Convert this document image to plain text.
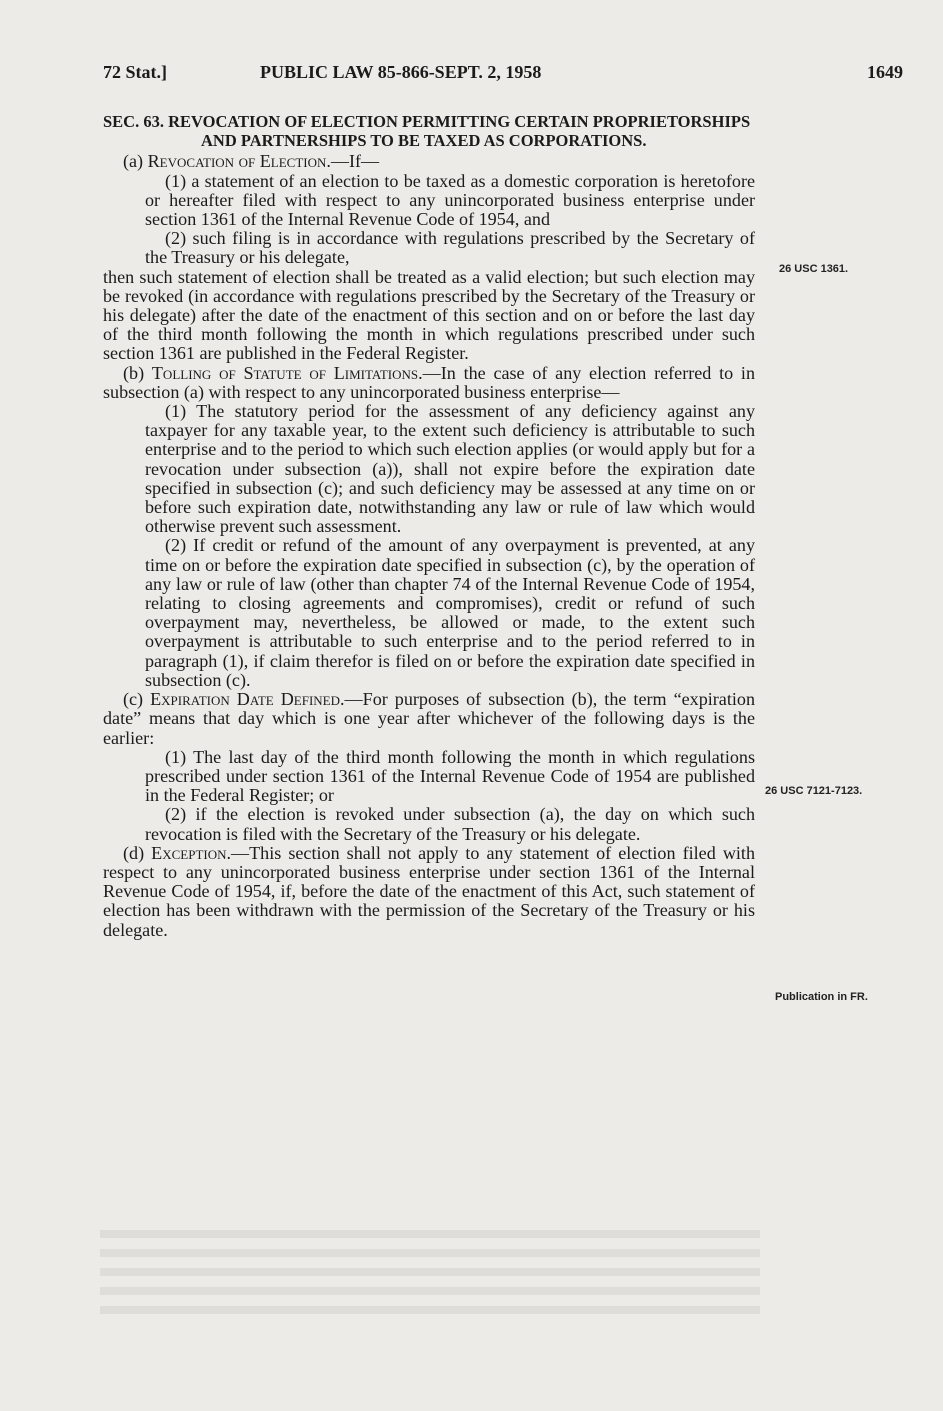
72 Stat.]	PUBLIC LAW 85-866-SEPT. 2, 1958	1649

SEC. 63. REVOCATION OF ELECTION PERMITTING CERTAIN PROPRIETORSHIPS AND PARTNERSHIPS TO BE TAXED AS CORPORATIONS.

(a) Revocation of Election.—If—

(1) a statement of an election to be taxed as a domestic corporation is heretofore or hereafter filed with respect to any unincorporated business enterprise under section 1361 of the Internal Revenue Code of 1954, and

(2) such filing is in accordance with regulations prescribed by the Secretary of the Treasury or his delegate,

then such statement of election shall be treated as a valid election; but such election may be revoked (in accordance with regulations prescribed by the Secretary of the Treasury or his delegate) after the date of the enactment of this section and on or before the last day of the third month following the month in which regulations prescribed under such section 1361 are published in the Federal Register.

(b) Tolling of Statute of Limitations.—In the case of any election referred to in subsection (a) with respect to any unincorporated business enterprise—

(1) The statutory period for the assessment of any deficiency against any taxpayer for any taxable year, to the extent such deficiency is attributable to such enterprise and to the period to which such election applies (or would apply but for a revocation under subsection (a)), shall not expire before the expiration date specified in subsection (c); and such deficiency may be assessed at any time on or before such expiration date, notwithstanding any law or rule of law which would otherwise prevent such assessment.

(2) If credit or refund of the amount of any overpayment is prevented, at any time on or before the expiration date specified in subsection (c), by the operation of any law or rule of law (other than chapter 74 of the Internal Revenue Code of 1954, relating to closing agreements and compromises), credit or refund of such overpayment may, nevertheless, be allowed or made, to the extent such overpayment is attributable to such enterprise and to the period referred to in paragraph (1), if claim therefor is filed on or before the expiration date specified in subsection (c).

(c) Expiration Date Defined.—For purposes of subsection (b), the term “expiration date” means that day which is one year after whichever of the following days is the earlier:

(1) The last day of the third month following the month in which regulations prescribed under section 1361 of the Internal Revenue Code of 1954 are published in the Federal Register; or

(2) if the election is revoked under subsection (a), the day on which such revocation is filed with the Secretary of the Treasury or his delegate.

(d) Exception.—This section shall not apply to any statement of election filed with respect to any unincorporated business enterprise under section 1361 of the Internal Revenue Code of 1954, if, before the date of the enactment of this Act, such statement of election has been withdrawn with the permission of the Secretary of the Treasury or his delegate.

26 USC 1361.
26 USC 7121-7123.
Publication in FR.
